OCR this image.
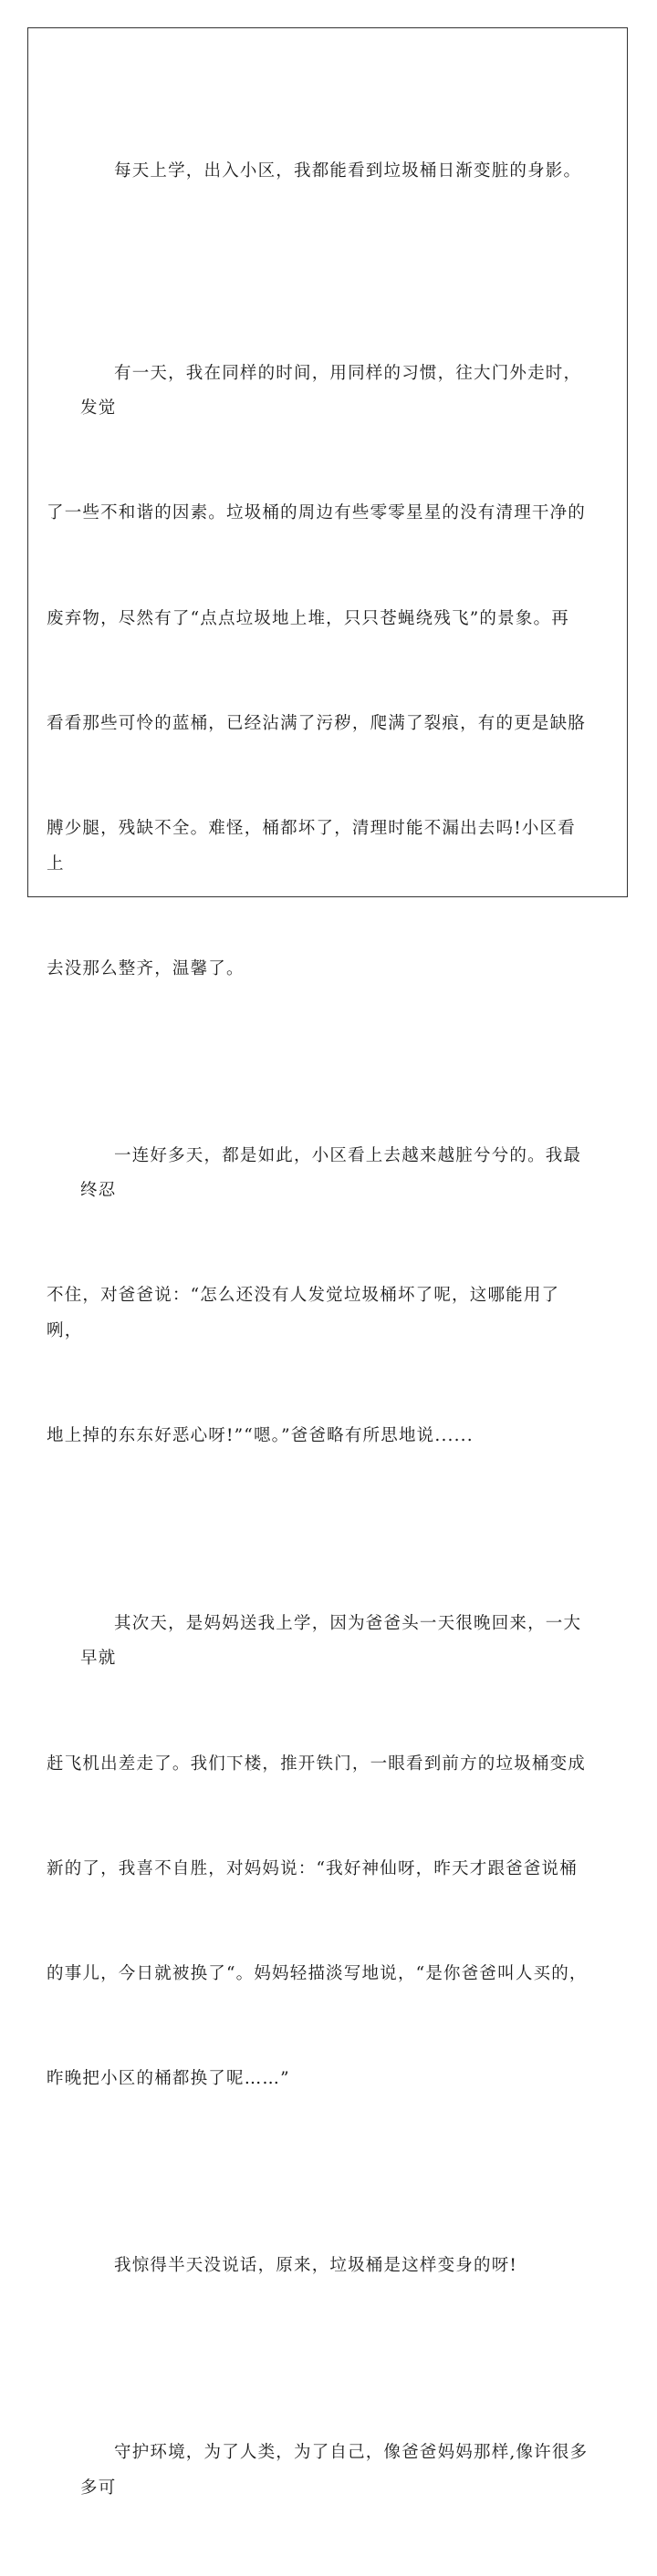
每天上学，出入小区，我都能看到垃圾桶日渐变脏的身影。

有一天，我在同样的时间，用同样的习惯，往大门外走时，发觉

了一些不和谐的因素。垃圾桶的周边有些零零星星的没有清理干净的

废弃物，尽然有了“点点垃圾地上堆，只只苍蝇绕残飞”的景象。再

看看那些可怜的蓝桶，已经沾满了污秽，爬满了裂痕，有的更是缺胳

膊少腿，残缺不全。难怪，桶都坏了，清理时能不漏出去吗!小区看上

去没那么整齐，温馨了。

一连好多天，都是如此，小区看上去越来越脏兮兮的。我最终忍

不住，对爸爸说：“怎么还没有人发觉垃圾桶坏了呢，这哪能用了咧，

地上掉的东东好恶心呀!”“嗯。”爸爸略有所思地说......

其次天，是妈妈送我上学，因为爸爸头一天很晚回来，一大早就

赶飞机出差走了。我们下楼，推开铁门，一眼看到前方的垃圾桶变成

新的了，我喜不自胜，对妈妈说：“我好神仙呀，昨天才跟爸爸说桶

的事儿，今日就被换了“。妈妈轻描淡写地说，“是你爸爸叫人买的，

昨晚把小区的桶都换了呢……”

我惊得半天没说话，原来，垃圾桶是这样变身的呀!

守护环境，为了人类，为了自己，像爸爸妈妈那样,像许很多多可
